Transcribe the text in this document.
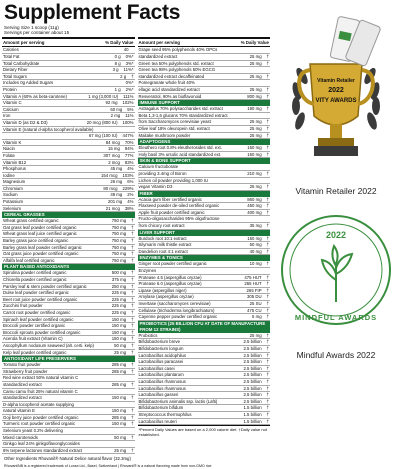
Supplement Facts
Serving Size 1 scoop (11g)
Servings per container about 15
Amount per serving	% Daily Value
Calories	40
Total Fat	0 g	0%*
Total Carbohydrate	8 g	3%*
Dietary Fiber	3 g	11%*
Total Sugars	2 g	†
Includes 0g Added Sugars	0%*
Protein	1 g	2%*
Vitamin A (60% as beta-carotene)	1 mg (3,000 IU)	111%
Vitamin C	92 mg	102%
Calcium	60 mg	5%
Iron	2 mg	11%
Vitamin D (as D2 & D3)	20 mcg (800 IU)	100%
Vitamin E (natural d-alpha tocopherol available)
67 mg (100 IU)	447%
Vitamin K	84 mcg	70%
Niacin	15 mg	94%
Folate	307 mcg	77%
Vitamin B12	2 mcg	83%
Phosphorus	45 mg	4%
Iodine	154 mcg	103%
Magnesium	26 mg	6%
Chromium	80 mcg	229%
Sodium	49 mg	2%
Potassium	201 mg	4%
Selenium	21 mcg	38%
CEREAL GRASSES
Wheat grass certified organic	750 mg	†
Oat grass leaf powder certified organic	750 mg	†
Wheat grass leaf juice certified organic	750 mg	†
Barley grass juice certified organic	750 mg	†
Barley grass leaf powder certified organic	750 mg	†
Oat grass juice powder certified organic	750 mg	†
Alfalfa leaf certified organic	750 mg	†
PLANT BASED ANTIOXIDANTS
Spirulina powder certified organic	500 mg	†
Chlorella powder certified organic	375 mg	†
Parsley leaf & stem powder certified organic	250 mg	†
Dulse leaf powder certified organic	225 mg	†
Beet root juice powder certified organic	225 mg	†
Zucchini fruit powder	225 mg	†
Carrot root powder certified organic	225 mg	†
Spinach leaf powder certified organic	150 mg	†
Broccoli powder certified organic	150 mg	†
Broccoli sprouts powder certified organic	150 mg	†
Acerola fruit extract (Vitamin C)	150 mg	†
Ascophyllum nodosum seaweed (alt. certi. kelp)	50 mg	†
Kelp leaf powder certified organic	25 mg	†
ANTIOXIDANT LIFE PRESERVERS
Tomato fruit powder	285 mg	†
Strawberry fruit powder	285 mg	†
Red wine extract 50% natural vitamin C
standardized extract	285 mg	†
Camu camu fruit 25% natural vitamin C
standardized extract	150 mg	†
D-alpha tocopherol acetate supplying
natural vitamin E	150 mg	†
Goji berry juice powder certified organic	285 mg	†
Turmeric root powder certified organic	150 mg	†
Selenium yeast 0.2% delivering
Mixed carotenoids	50 mg	†
Ginkgo leaf 24% ginkgoflavonglycosides
6% terpene lactones standardized extract	25 mg	†
Amount per serving	% Daily Value
Grape seed 95% polyphenols 40% OPCs
standardized extract	25 mg	†
Green tea 50% polyphenols std. extract	25 mg	†
Green tea 98% polyphenols 50% EGCG
standardized extract decaffeinated	25 mg	†
Pomegranate whole fruit 40%
ellagic acid standardized extract	25 mg	†
Resveratrol, 90% as bioflavonoid	800 mg	†
IMMUNE SUPPORT
Astragalus 70% polysaccharides std. extract	190 mg	†
Beta 1,3-1,6 glucans 70% standardized extract
from Saccharomyces cerevisiae yeast	25 mg	†
Olive leaf 18% oleuropein std. extract	25 mg	†
Maitake mushroom powder	25 mg	†
ADAPTOGENS
Eleuthero root 0.8% eleutherosides std. ext.	150 mg	†
Holy basil 3% ursolic acid standardized ext.	150 mg	†
SKIN & BONE SUPPORT
Calcium fructoborate
providing 3.4mg of Boron	210 mg	†
Lichen oil powder providing 1,000 IU
vegan Vitamin D3	25 mg	†
FIBER
Acacia gum fiber certified organic	860 mg	†
Flaxseed powder de-oiled certified organic	450 mg	†
Apple fruit powder certified organic	400 mg	†
Fructo-oligosaccharides 95% oligofructose
from chicory root extract	35 mg	†
LIVER SUPPORT
Burdock root 10:1 extract	150 mg	†
Silymarin milk thistle extract	50 mg	†
Dandelion root 4:1 extract	40 mg	†
ENZYMES & TONICS
Ginger root powder certified organic	10 mg	†
Enzymes
Protease 4.5 (aspergillus oryzae)	475 HUT	†
Protease 6.0 (aspergillus oryzae)	265 HUT	†
Lipase (aspergillus niger)	265 FIP	†
Amylase (aspergillus oryzae)	305 DU	†
Invertase (saccharomyces cerevisiae)	25 SU	†
Cellulase (trichoderma longibrachiatum)	475 CU	†
Cayenne pepper powder certified organic	5 mg	†
PROBIOTICS (25 BILLION CFU AT DATE OF MANUFACTURE FROM 12 STRAINS)
Probiotics	25 mg	†
Bifidobacterium breve	2.5 billion	†
Bifidobacterium longum	2.5 billion	†
Lactobacillus acidophilus	2.5 billion	†
Lactobacillus paracasei	2.5 billion	†
Lactobacillus casei	2.5 billion	†
Lactobacillus plantarum	2.5 billion	†
Lactobacillus rhamnosus	2.5 billion	†
Lactobacillus rhamnosus	2.5 billion	†
Lactobacillus gasseri	2.5 billion	†
Bifidobacterium animalis ssp. lactis (Lafti)	2.5 billion	†
Bifidobacterium bifidum	1.5 billion	†
Streptococcus thermophilus	1.5 billion	†
Lactobacillus reuteri	1.5 billion	†
*Percent Daily Values are based on a 2,000 calorie diet. †Daily value not established.
Other Ingredients Rhovanil® Natural Delice natural flavor (32.3mg)
RhovanilNB is a registered trademark of Lonza Ltd., Basel, Switzerland | Rhovanil® is a natural flavoring made from non-GMO rice
Vitamin Retailer
2022
VITY AWARDS
Vitamin Retailer 2022
2022
MINDFUL AWARDS
Mindful Awards 2022
